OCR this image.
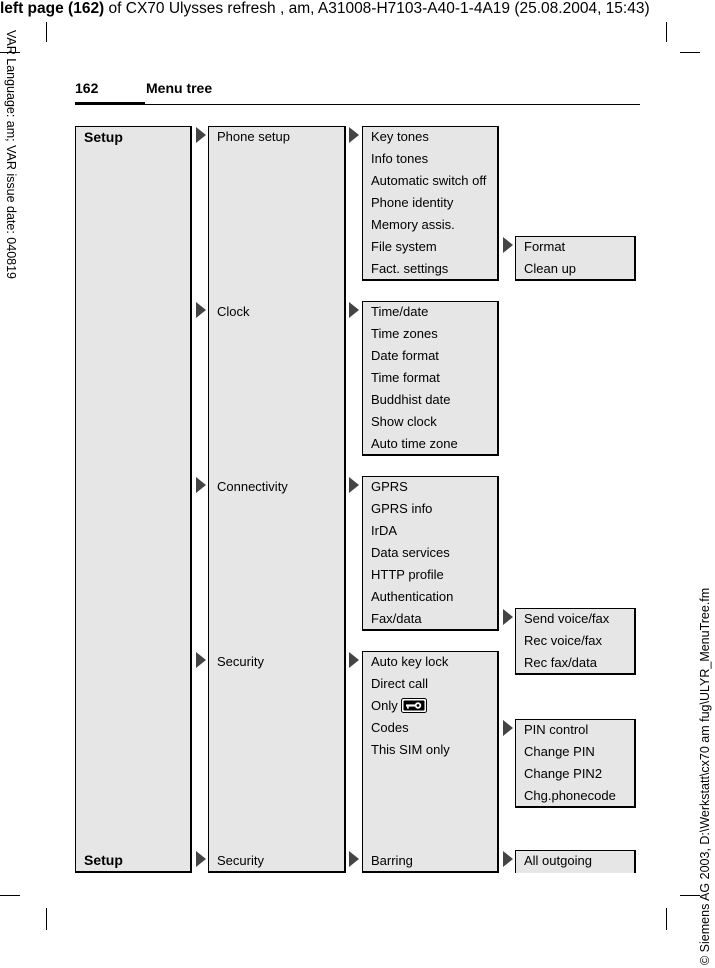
left page (162) of CX70 Ulysses refresh , am, A31008-H7103-A40-1-4A19 (25.08.2004, 15:43)
VAR Language: am; VAR issue date: 040819
© Siemens AG 2003, D:\Werkstatt\cx70 am fug\ULYR_MenuTree.fm
162	Menu tree
Setup
Setup
Phone setup
Clock
Connectivity
Security
Security
Key tones
Info tones
Automatic switch off
Phone identity
Memory assis.
File system
Fact. settings
Format
Clean up
Time/date
Time zones
Date format
Time format
Buddhist date
Show clock
Auto time zone
GPRS
GPRS info
IrDA
Data services
HTTP profile
Authentication
Fax/data	Send voice/fax
Rec voice/fax
Rec fax/data
Auto key lock
Direct call
Only
Codes
This SIM only
Barring
PIN control
Change PIN
Change PIN2
Chg.phonecode
All outgoing
